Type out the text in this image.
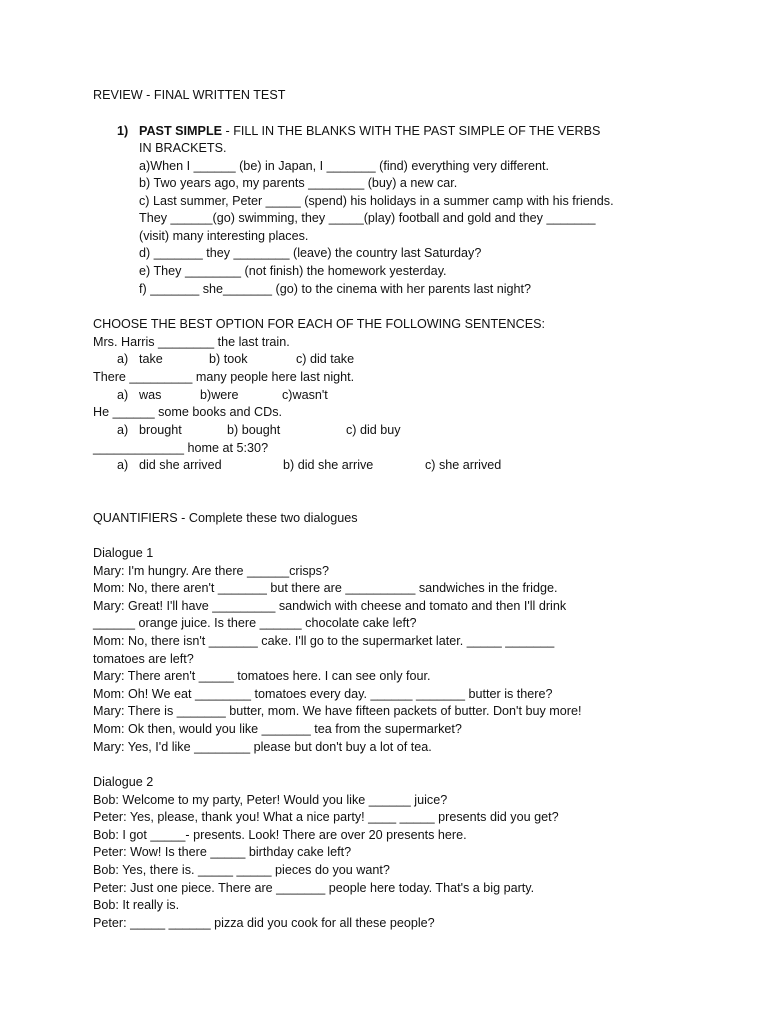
REVIEW - FINAL WRITTEN TEST
1) PAST SIMPLE - FILL IN THE BLANKS WITH THE PAST SIMPLE OF THE VERBS
IN BRACKETS.
a)When I ______ (be) in Japan, I _______ (find) everything very different.
b) Two years ago, my parents ________ (buy) a new car.
c) Last summer, Peter _____ (spend) his holidays in a summer camp with his friends.
They ______(go) swimming, they _____(play) football and gold and they _______
(visit) many interesting places.
d) _______ they ________ (leave) the country last Saturday?
e) They ________ (not finish) the homework yesterday.
f) _______ she_______ (go) to the cinema with her parents last night?
CHOOSE THE BEST OPTION FOR EACH OF THE FOLLOWING SENTENCES:
Mrs. Harris ________ the last train.
a) take	b) took	c) did take
There _________ many people here last night.
a) was	b)were	c)wasn't
He ______ some books and CDs.
a) brought	b) bought	c) did buy
_____________ home at 5:30?
a) did she arrived	b) did she arrive	c) she arrived
QUANTIFIERS - Complete these two dialogues
Dialogue 1
Mary: I'm hungry. Are there ______crisps?
Mom: No, there aren't _______ but there are __________ sandwiches in the fridge.
Mary: Great! I'll have _________ sandwich with cheese and tomato and then I'll drink
______ orange juice. Is there ______ chocolate cake left?
Mom: No, there isn't _______ cake. I'll go to the supermarket later. _____ _______
tomatoes are left?
Mary: There aren't _____ tomatoes here. I can see only four.
Mom: Oh! We eat ________ tomatoes every day. ______ _______ butter is there?
Mary: There is _______ butter, mom. We have fifteen packets of butter. Don't buy more!
Mom: Ok then, would you like _______ tea from the supermarket?
Mary: Yes, I'd like ________ please but don't buy a lot of tea.
Dialogue 2
Bob: Welcome to my party, Peter! Would you like ______ juice?
Peter: Yes, please, thank you! What a nice party! ____ _____ presents did you get?
Bob: I got _____- presents. Look! There are over 20 presents here.
Peter: Wow! Is there _____ birthday cake left?
Bob: Yes, there is. _____ _____ pieces do you want?
Peter: Just one piece. There are _______ people here today. That's a big party.
Bob: It really is.
Peter: _____ ______ pizza did you cook for all these people?
